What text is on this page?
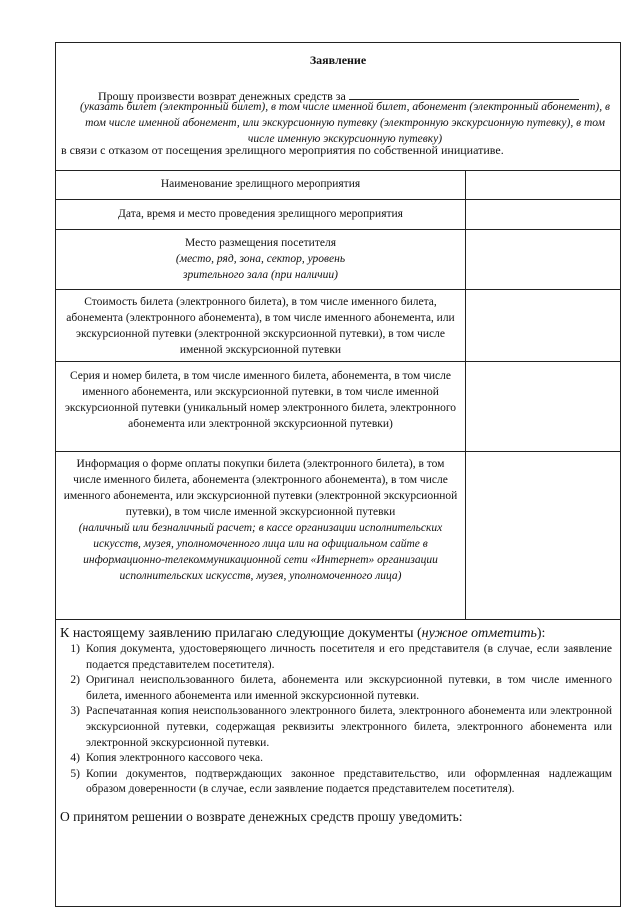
Заявление
Прошу произвести возврат денежных средств за
(указать билет (электронный билет), в том числе именной билет, абонемент (электронный абонемент), в том числе именной абонемент, или экскурсионную путевку (электронную экскурсионную путевку), в том числе именную экскурсионную путевку)
в связи с отказом от посещения зрелищного мероприятия по собственной инициативе.
Наименование зрелищного мероприятия
Дата, время и место проведения зрелищного мероприятия
Место размещения посетителя
(место, ряд, зона, сектор, уровень зрительного зала (при наличии)
Стоимость билета (электронного билета), в том числе именного билета, абонемента (электронного абонемента), в том числе именного абонемента, или экскурсионной путевки (электронной экскурсионной путевки), в том числе именной экскурсионной путевки
Серия и номер билета, в том числе именного билета, абонемента, в том числе именного абонемента, или экскурсионной путевки, в том числе именной экскурсионной путевки (уникальный номер электронного билета, электронного абонемента или электронной экскурсионной путевки)
Информация о форме оплаты покупки билета (электронного билета), в том числе именного билета, абонемента (электронного абонемента), в том числе именного абонемента, или экскурсионной путевки (электронной экскурсионной путевки), в том числе именной экскурсионной путевки
(наличный или безналичный расчет; в кассе организации исполнительских искусств, музея, уполномоченного лица или на официальном сайте в информационно-телекоммуникационной сети «Интернет» организации исполнительских искусств, музея, уполномоченного лица)
К настоящему заявлению прилагаю следующие документы (нужное отметить):
1) Копия документа, удостоверяющего личность посетителя и его представителя (в случае, если заявление подается представителем посетителя).
2) Оригинал неиспользованного билета, абонемента или экскурсионной путевки, в том числе именного билета, именного абонемента или именной экскурсионной путевки.
3) Распечатанная копия неиспользованного электронного билета, электронного абонемента или электронной экскурсионной путевки, содержащая реквизиты электронного билета, электронного абонемента или электронной экскурсионной путевки.
4) Копия электронного кассового чека.
5) Копии документов, подтверждающих законное представительство, или оформленная надлежащим образом доверенности (в случае, если заявление подается представителем посетителя).
О принятом решении о возврате денежных средств прошу уведомить:
